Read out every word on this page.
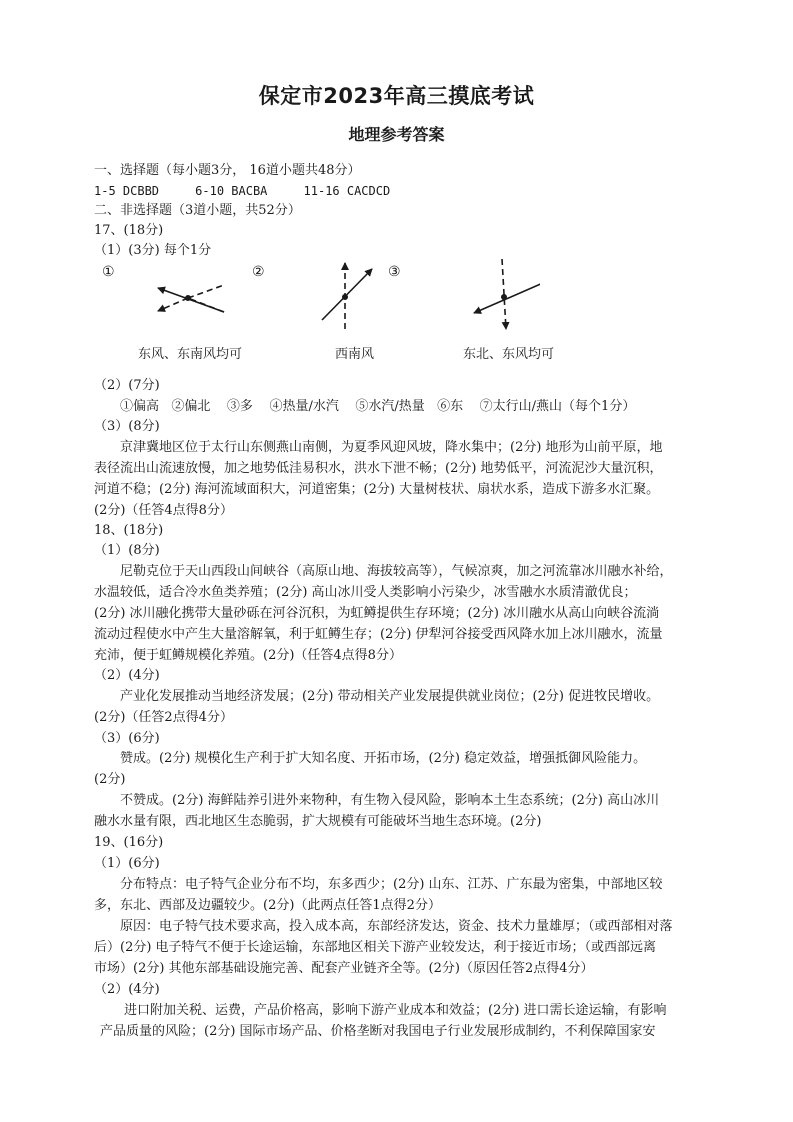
保定市2023年高三摸底考试
地理参考答案
一、选择题（每小题3分， 16道小题共48分）
1-5 DCBBD     6-10 BACBA     11-16 CACDCD
二、非选择题（3道小题，共52分）
17、(18分)
（1）(3分) 每个1分
①	②	③
东风、东南风均可	西南风	东北、东风均可
（2）(7分)
①偏高   ②偏北    ③多    ④热量/水汽    ⑤水汽/热量   ⑥东    ⑦太行山/燕山（每个1分）
（3）(8分)
京津冀地区位于太行山东侧燕山南侧，为夏季风迎风坡，降水集中；(2分) 地形为山前平原，地
表径流出山流速放慢，加之地势低洼易积水，洪水下泄不畅；(2分) 地势低平，河流泥沙大量沉积，
河道不稳；(2分) 海河流域面积大，河道密集；(2分) 大量树枝状、扇状水系，造成下游多水汇聚。
(2分)（任答4点得8分）
18、(18分)
（1）(8分)
尼勒克位于天山西段山间峡谷（高原山地、海拔较高等），气候凉爽，加之河流靠冰川融水补给，
水温较低，适合冷水鱼类养殖；(2分) 高山冰川受人类影响小污染少，冰雪融水水质清澈优良；
(2分) 冰川融化携带大量砂砾在河谷沉积，为虹鳟提供生存环境；(2分) 冰川融水从高山向峡谷流淌
流动过程使水中产生大量溶解氧，利于虹鳟生存；(2分) 伊犁河谷接受西风降水加上冰川融水，流量
充沛，便于虹鳟规模化养殖。(2分)（任答4点得8分）
（2）(4分)
产业化发展推动当地经济发展；(2分) 带动相关产业发展提供就业岗位；(2分) 促进牧民增收。
(2分)（任答2点得4分）
（3）(6分)
赞成。(2分) 规模化生产利于扩大知名度、开拓市场，(2分) 稳定效益，增强抵御风险能力。
(2分)
不赞成。(2分) 海鲜陆养引进外来物种，有生物入侵风险，影响本土生态系统；(2分) 高山冰川
融水水量有限，西北地区生态脆弱，扩大规模有可能破坏当地生态环境。(2分)
19、(16分)
（1）(6分)
分布特点：电子特气企业分布不均，东多西少；(2分) 山东、江苏、广东最为密集，中部地区较
多，东北、西部及边疆较少。(2分)（此两点任答1点得2分）
原因：电子特气技术要求高，投入成本高，东部经济发达，资金、技术力量雄厚；（或西部相对落
后）(2分) 电子特气不便于长途运输，东部地区相关下游产业较发达，利于接近市场；（或西部远离
市场）(2分) 其他东部基础设施完善、配套产业链齐全等。(2分)（原因任答2点得4分）
（2）(4分)
进口附加关税、运费，产品价格高，影响下游产业成本和效益；(2分) 进口需长途运输，有影响
产品质量的风险；(2分) 国际市场产品、价格垄断对我国电子行业发展形成制约，不利保障国家安
